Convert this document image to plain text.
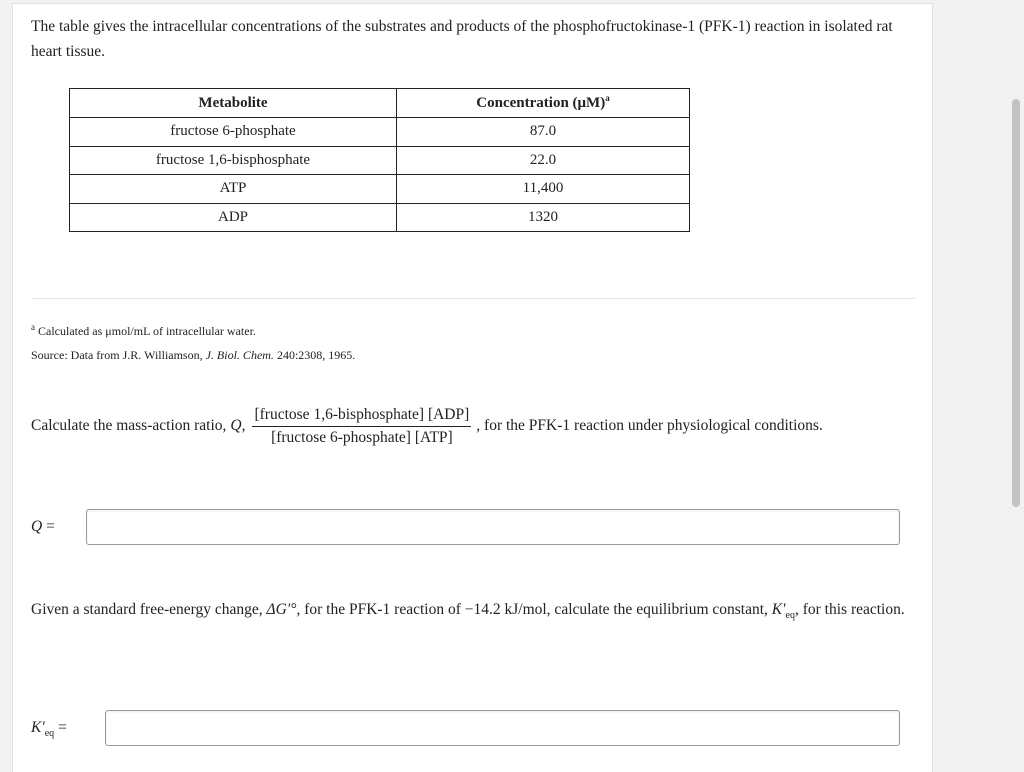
The table gives the intracellular concentrations of the substrates and products of the phosphofructokinase-1 (PFK-1) reaction in isolated rat heart tissue.

Metabolite	Concentration $(\mu M)^a$
fructose 6-phosphate	87.0
fructose 1,6-bisphosphate	22.0
ATP	11,400
ADP	1320

$^a$ Calculated as μmol/mL of intracellular water.

Source: Data from J.R. Williamson, J. Biol. Chem. 240:2308, 1965.

Calculate the mass-action ratio, Q , $\frac{\text{[fructose 1,6-bisphosphate] [ADP]}}{\text{[fructose 6-phosphate] [ATP]}}$ , for the PFK-1 reaction under physiological conditions.
Q =

Given a standard free-energy change, ΔG′°, for the PFK-1 reaction of −14.2 kJ/mol, calculate the equilibrium constant, $K'_{eq}$, for this reaction.

$K'_{eq}$ =
